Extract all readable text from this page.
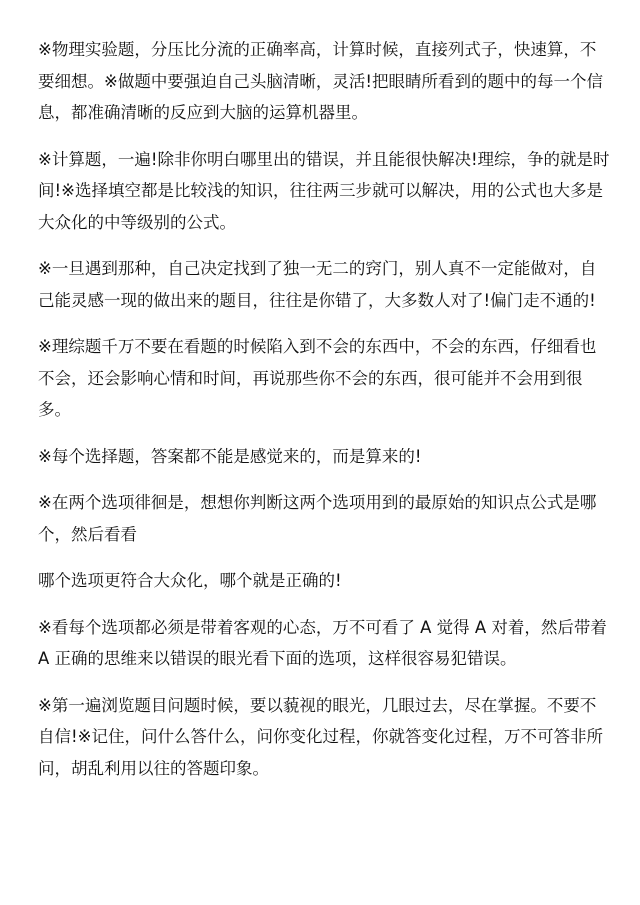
※物理实验题，分压比分流的正确率高，计算时候，直接列式子，快速算，不要细想。※做题中要强迫自己头脑清晰，灵活!把眼睛所看到的题中的每一个信息，都准确清晰的反应到大脑的运算机器里。

※计算题，一遍!除非你明白哪里出的错误，并且能很快解决!理综，争的就是时间!※选择填空都是比较浅的知识，往往两三步就可以解决，用的公式也大多是大众化的中等级别的公式。

※一旦遇到那种，自己决定找到了独一无二的窍门，别人真不一定能做对，自己能灵感一现的做出来的题目，往往是你错了，大多数人对了!偏门走不通的!

※理综题千万不要在看题的时候陷入到不会的东西中，不会的东西，仔细看也不会，还会影响心情和时间，再说那些你不会的东西，很可能并不会用到很多。

※每个选择题，答案都不能是感觉来的，而是算来的!

※在两个选项徘徊是，想想你判断这两个选项用到的最原始的知识点公式是哪个，然后看看

哪个选项更符合大众化，哪个就是正确的!

※看每个选项都必须是带着客观的心态，万不可看了 A 觉得 A 对着，然后带着 A 正确的思维来以错误的眼光看下面的选项，这样很容易犯错误。

※第一遍浏览题目问题时候，要以藐视的眼光，几眼过去，尽在掌握。不要不自信!※记住，问什么答什么，问你变化过程，你就答变化过程，万不可答非所问，胡乱利用以往的答题印象。
